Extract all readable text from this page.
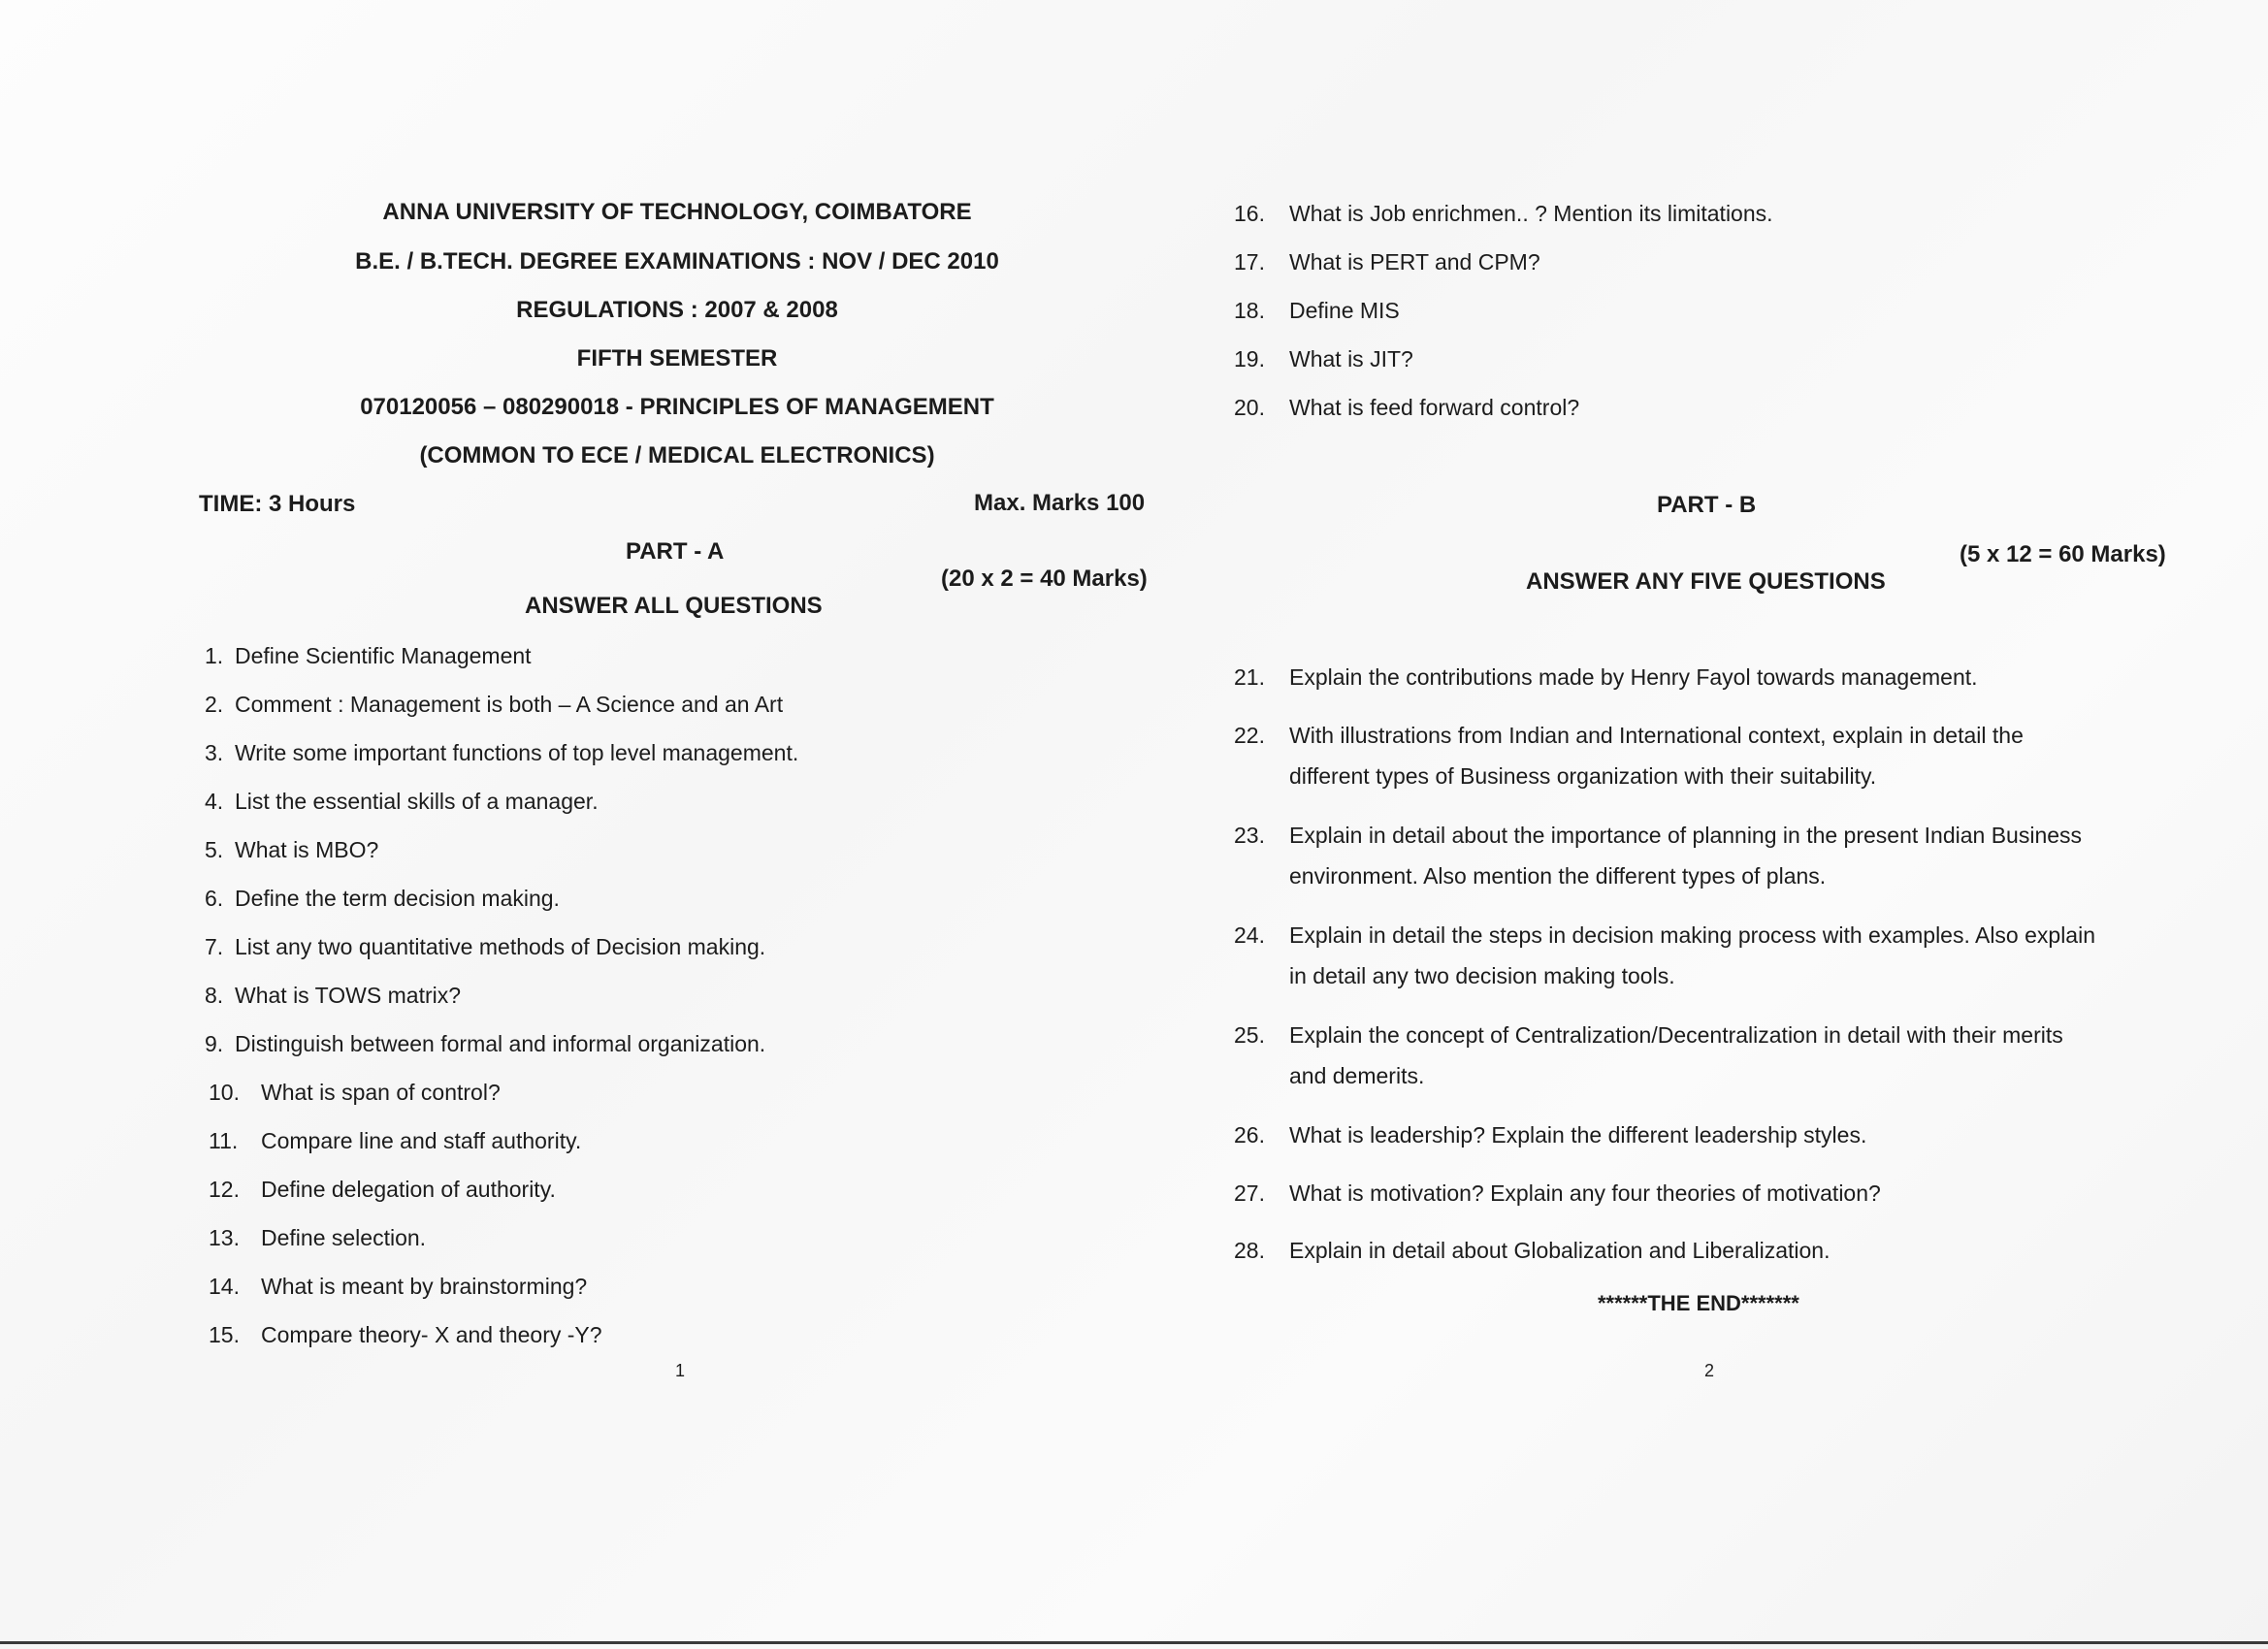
ANNA UNIVERSITY OF TECHNOLOGY, COIMBATORE
B.E. / B.TECH. DEGREE EXAMINATIONS : NOV / DEC 2010
REGULATIONS : 2007 & 2008
FIFTH SEMESTER
070120056 – 080290018 - PRINCIPLES OF MANAGEMENT
(COMMON TO ECE / MEDICAL ELECTRONICS)
TIME: 3 Hours	Max. Marks 100
PART - A
(20 x 2 = 40 Marks)
ANSWER ALL QUESTIONS
1. Define Scientific Management
2. Comment : Management is both – A Science and an Art
3. Write some important functions of top level management.
4. List the essential skills of a manager.
5. What is MBO?
6. Define the term decision making.
7. List any two quantitative methods of Decision making.
8. What is TOWS matrix?
9. Distinguish between formal and informal organization.
10. What is span of control?
11. Compare line and staff authority.
12. Define delegation of authority.
13. Define selection.
14. What is meant by brainstorming?
15. Compare theory- X and theory -Y?
16. What is Job enrichmen.. ? Mention its limitations.
17. What is PERT and CPM?
18. Define MIS
19. What is JIT?
20. What is feed forward control?
PART - B
(5 x 12 = 60 Marks)
ANSWER ANY FIVE QUESTIONS
21. Explain the contributions made by Henry Fayol towards management.
22. With illustrations from Indian and International context, explain in detail the
different types of Business organization with their suitability.
23. Explain in detail about the importance of planning in the present Indian Business
environment. Also mention the different types of plans.
24. Explain in detail the steps in decision making process with examples. Also explain
in detail any two decision making tools.
25. Explain the concept of Centralization/Decentralization in detail with their merits
and demerits.
26. What is leadership? Explain the different leadership styles.
27. What is motivation? Explain any four theories of motivation?
28. Explain in detail about Globalization and Liberalization.
******THE END*******
1	2
